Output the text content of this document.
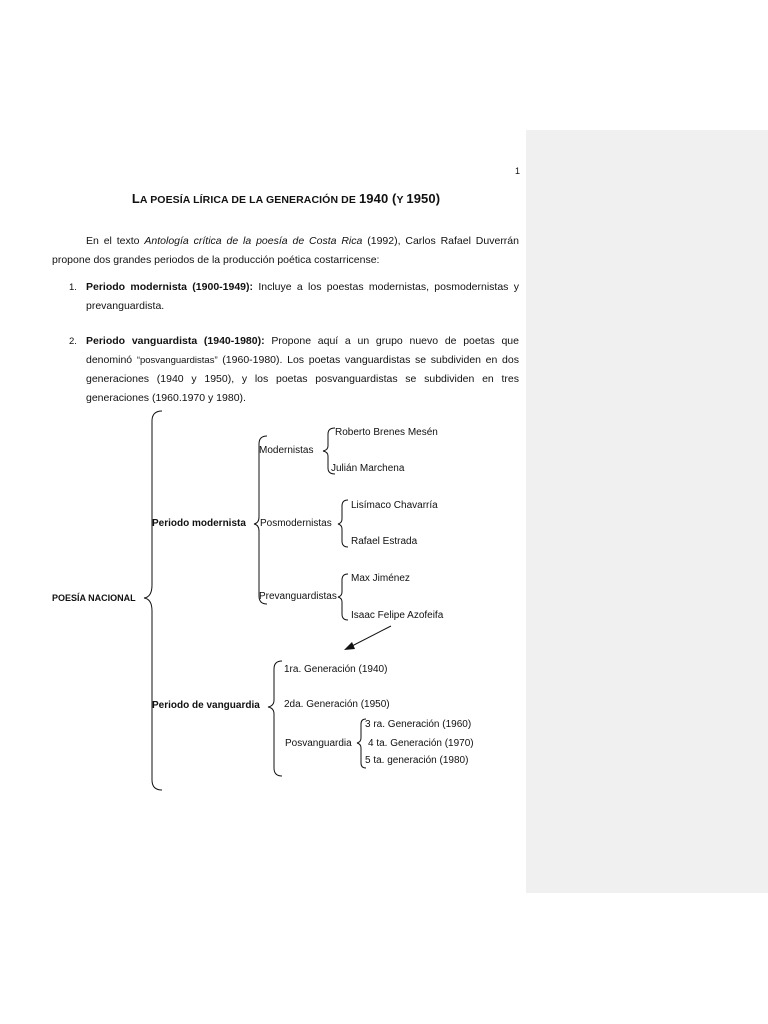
1
LA POESÍA LÍRICA DE LA GENERACIÓN DE 1940 (Y 1950)

En el texto Antología crítica de la poesía de Costa Rica (1992), Carlos Rafael Duverrán propone dos grandes periodos de la producción poética costarricense:

1. Periodo modernista (1900-1949): Incluye a los poestas modernistas, posmodernistas y prevanguardista.
2. Periodo vanguardista (1940-1980): Propone aquí a un grupo nuevo de poetas que denominó “posvanguardistas” (1960-1980). Los poetas vanguardistas se subdividen en dos generaciones (1940 y 1950), y los poetas posvanguardistas se subdividen en tres generaciones (1960.1970 y 1980).
POESÍA NACIONAL
Periodo modernista
Modernistas
Roberto Brenes Mesén
Julián Marchena
Posmodernistas
Lisímaco Chavarría
Rafael Estrada
Prevanguardistas
Max Jiménez
Isaac Felipe Azofeifa
Periodo de vanguardia
1ra. Generación (1940)
2da. Generación (1950)
Posvanguardia
3 ra. Generación (1960)
4 ta. Generación (1970)
5 ta. generación (1980)
